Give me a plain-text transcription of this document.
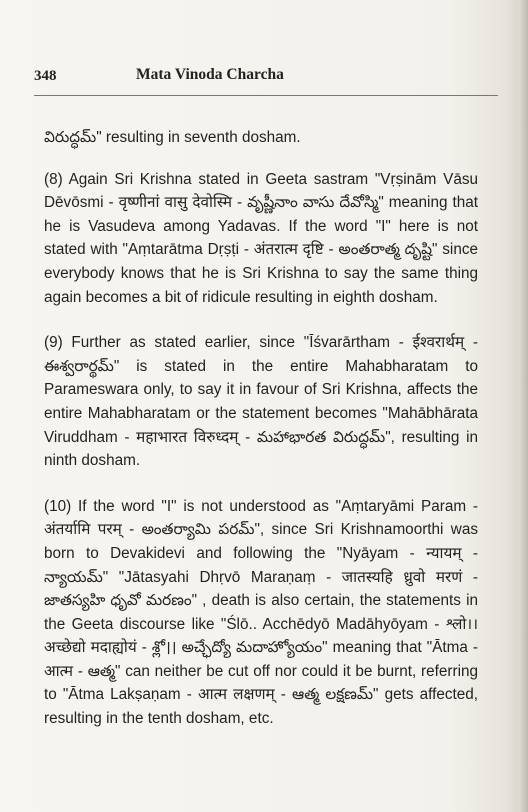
348	Mata Vinoda Charcha

విరుద్ధమ్" resulting in seventh dosham.

(8) Again Sri Krishna stated in Geeta sastram "Vṛṣinām Vāsu Dēvōsmi - वृष्णीनां वासु देवोस्मि - వృష్ణీనాం వాసు దేవోస్మి" meaning that he is Vasudeva among Yadavas. If the word "I" here is not stated with "Aṃtarātma Dṛṣṭi - अंतरात्म दृष्टि - అంతరాత్మ దృష్టి" since everybody knows that he is Sri Krishna to say the same thing again becomes a bit of ridicule resulting in eighth dosham.

(9) Further as stated earlier, since "Īśvarārtham - ईश्वरार्थम् - ఈశ్వరార్థమ్" is stated in the entire Mahabharatam to Parameswara only, to say it in favour of Sri Krishna, affects the entire Mahabharatam or the statement becomes "Mahābhārata Viruddham - महाभारत विरुध्दम् - మహాభారత విరుద్ధమ్", resulting in ninth dosham.

(10) If the word "I" is not understood as "Aṃtaryāmi Param - अंतर्यामि परम् - అంతర్యామి పరమ్", since Sri Krishnamoorthi was born to Devakidevi and following the "Nyāyam - न्यायम् - న్యాయమ్" "Jātasyahi Dhṛvō Maraṇaṃ - जातस्यहि ध्रुवो मरणं - జాతస్యహి ధృవో మరణం" , death is also certain, the statements in the Geeta discourse like "Ślō.. Acchēdyō Madāhyōyam - श्लो।। अच्छेद्यो मदाह्योयं - శ్లో।। అచ్ఛేద్యో మదాహ్యోయం" meaning that "Ātma - आत्म - ఆత్మ" can neither be cut off nor could it be burnt, referring to "Ātma Lakṣaṇam - आत्म लक्षणम् - ఆత్మ లక్షణమ్" gets affected, resulting in the tenth dosham, etc.
